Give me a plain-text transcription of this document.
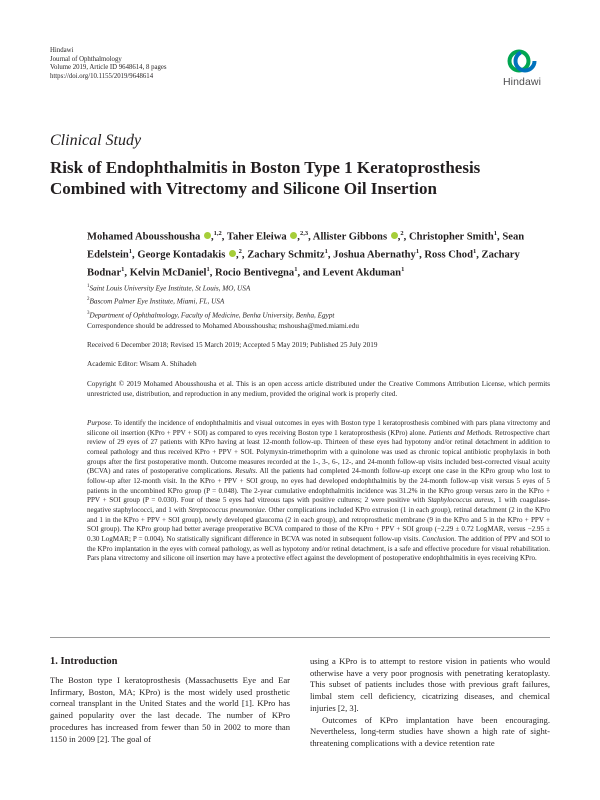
Hindawi
Journal of Ophthalmology
Volume 2019, Article ID 9648614, 8 pages
https://doi.org/10.1155/2019/9648614	Hindawi
Clinical Study
Risk of Endophthalmitis in Boston Type 1 Keratoprosthesis Combined with Vitrectomy and Silicone Oil Insertion
Mohamed Abousshousha ,$^{1,2}$, Taher Eleiwa ,$^{2,3}$, Allister Gibbons ,$^2$, Christopher Smith$^1$, Sean Edelstein$^1$, George Kontadakis ,$^2$, Zachary Schmitz$^1$, Joshua Abernathy$^1$, Ross Chod$^1$, Zachary Bodnar$^1$, Kelvin McDaniel$^1$, Rocio Bentivegna$^1$, and Levent Akduman$^1$
$^1$Saint Louis University Eye Institute, St Louis, MO, USA
$^2$Bascom Palmer Eye Institute, Miami, FL, USA
$^3$Department of Ophthalmology, Faculty of Medicine, Benha University, Benha, Egypt
Correspondence should be addressed to Mohamed Abousshousha; mshousha@med.miami.edu
Received 6 December 2018; Revised 15 March 2019; Accepted 5 May 2019; Published 25 July 2019
Academic Editor: Wisam A. Shihadeh
Copyright © 2019 Mohamed Abousshousha et al. This is an open access article distributed under the Creative Commons Attribution License, which permits unrestricted use, distribution, and reproduction in any medium, provided the original work is properly cited.
Purpose. To identify the incidence of endophthalmitis and visual outcomes in eyes with Boston type 1 keratoprosthesis combined with pars plana vitrectomy and silicone oil insertion (KPro + PPV + SOI) as compared to eyes receiving Boston type 1 keratoprosthesis (KPro) alone. Patients and Methods. Retrospective chart review of 29 eyes of 27 patients with KPro having at least 12-month follow-up. Thirteen of these eyes had hypotony and/or retinal detachment in addition to corneal pathology and thus received KPro + PPV + SOI. Polymyxin-trimethoprim with a quinolone was used as chronic topical antibiotic prophylaxis in both groups after the first postoperative month. Outcome measures recorded at the 1-, 3-, 6-, 12-, and 24-month follow-up visits included best-corrected visual acuity (BCVA) and rates of postoperative complications. Results. All the patients had completed 24-month follow-up except one case in the KPro group who lost to follow-up after 12-month visit. In the KPro + PPV + SOI group, no eyes had developed endophthalmitis by the 24-month follow-up visit versus 5 eyes of 5 patients in the uncombined KPro group (P = 0.048). The 2-year cumulative endophthalmitis incidence was 31.2% in the KPro group versus zero in the KPro + PPV + SOI group (P = 0.030). Four of these 5 eyes had vitreous taps with positive cultures; 2 were positive with Staphylococcus aureus, 1 with coagulase-negative staphylococci, and 1 with Streptococcus pneumoniae. Other complications included KPro extrusion (1 in each group), retinal detachment (2 in the KPro and 1 in the KPro + PPV + SOI group), newly developed glaucoma (2 in each group), and retroprosthetic membrane (9 in the KPro and 5 in the KPro + PPV + SOI group). The KPro group had better average preoperative BCVA compared to those of the KPro + PPV + SOI group (−2.29 ± 0.72 LogMAR, versus −2.95 ± 0.30 LogMAR; P = 0.004). No statistically significant difference in BCVA was noted in subsequent follow-up visits. Conclusion. The addition of PPV and SOI to the KPro implantation in the eyes with corneal pathology, as well as hypotony and/or retinal detachment, is a safe and effective procedure for visual rehabilitation. Pars plana vitrectomy and silicone oil insertion may have a protective effect against the development of postoperative endophthalmitis in eyes receiving KPro.
1. Introduction

The Boston type I keratoprosthesis (Massachusetts Eye and Ear Infirmary, Boston, MA; KPro) is the most widely used prosthetic corneal transplant in the United States and the world [1]. KPro has gained popularity over the last decade. The number of KPro procedures has increased from fewer than 50 in 2002 to more than 1150 in 2009 [2]. The goal of

using a KPro is to attempt to restore vision in patients who would otherwise have a very poor prognosis with penetrating keratoplasty. This subset of patients includes those with previous graft failures, limbal stem cell deficiency, cicatrizing diseases, and chemical injuries [2, 3].

Outcomes of KPro implantation have been encouraging. Nevertheless, long-term studies have shown a high rate of sight-threatening complications with a device retention rate
